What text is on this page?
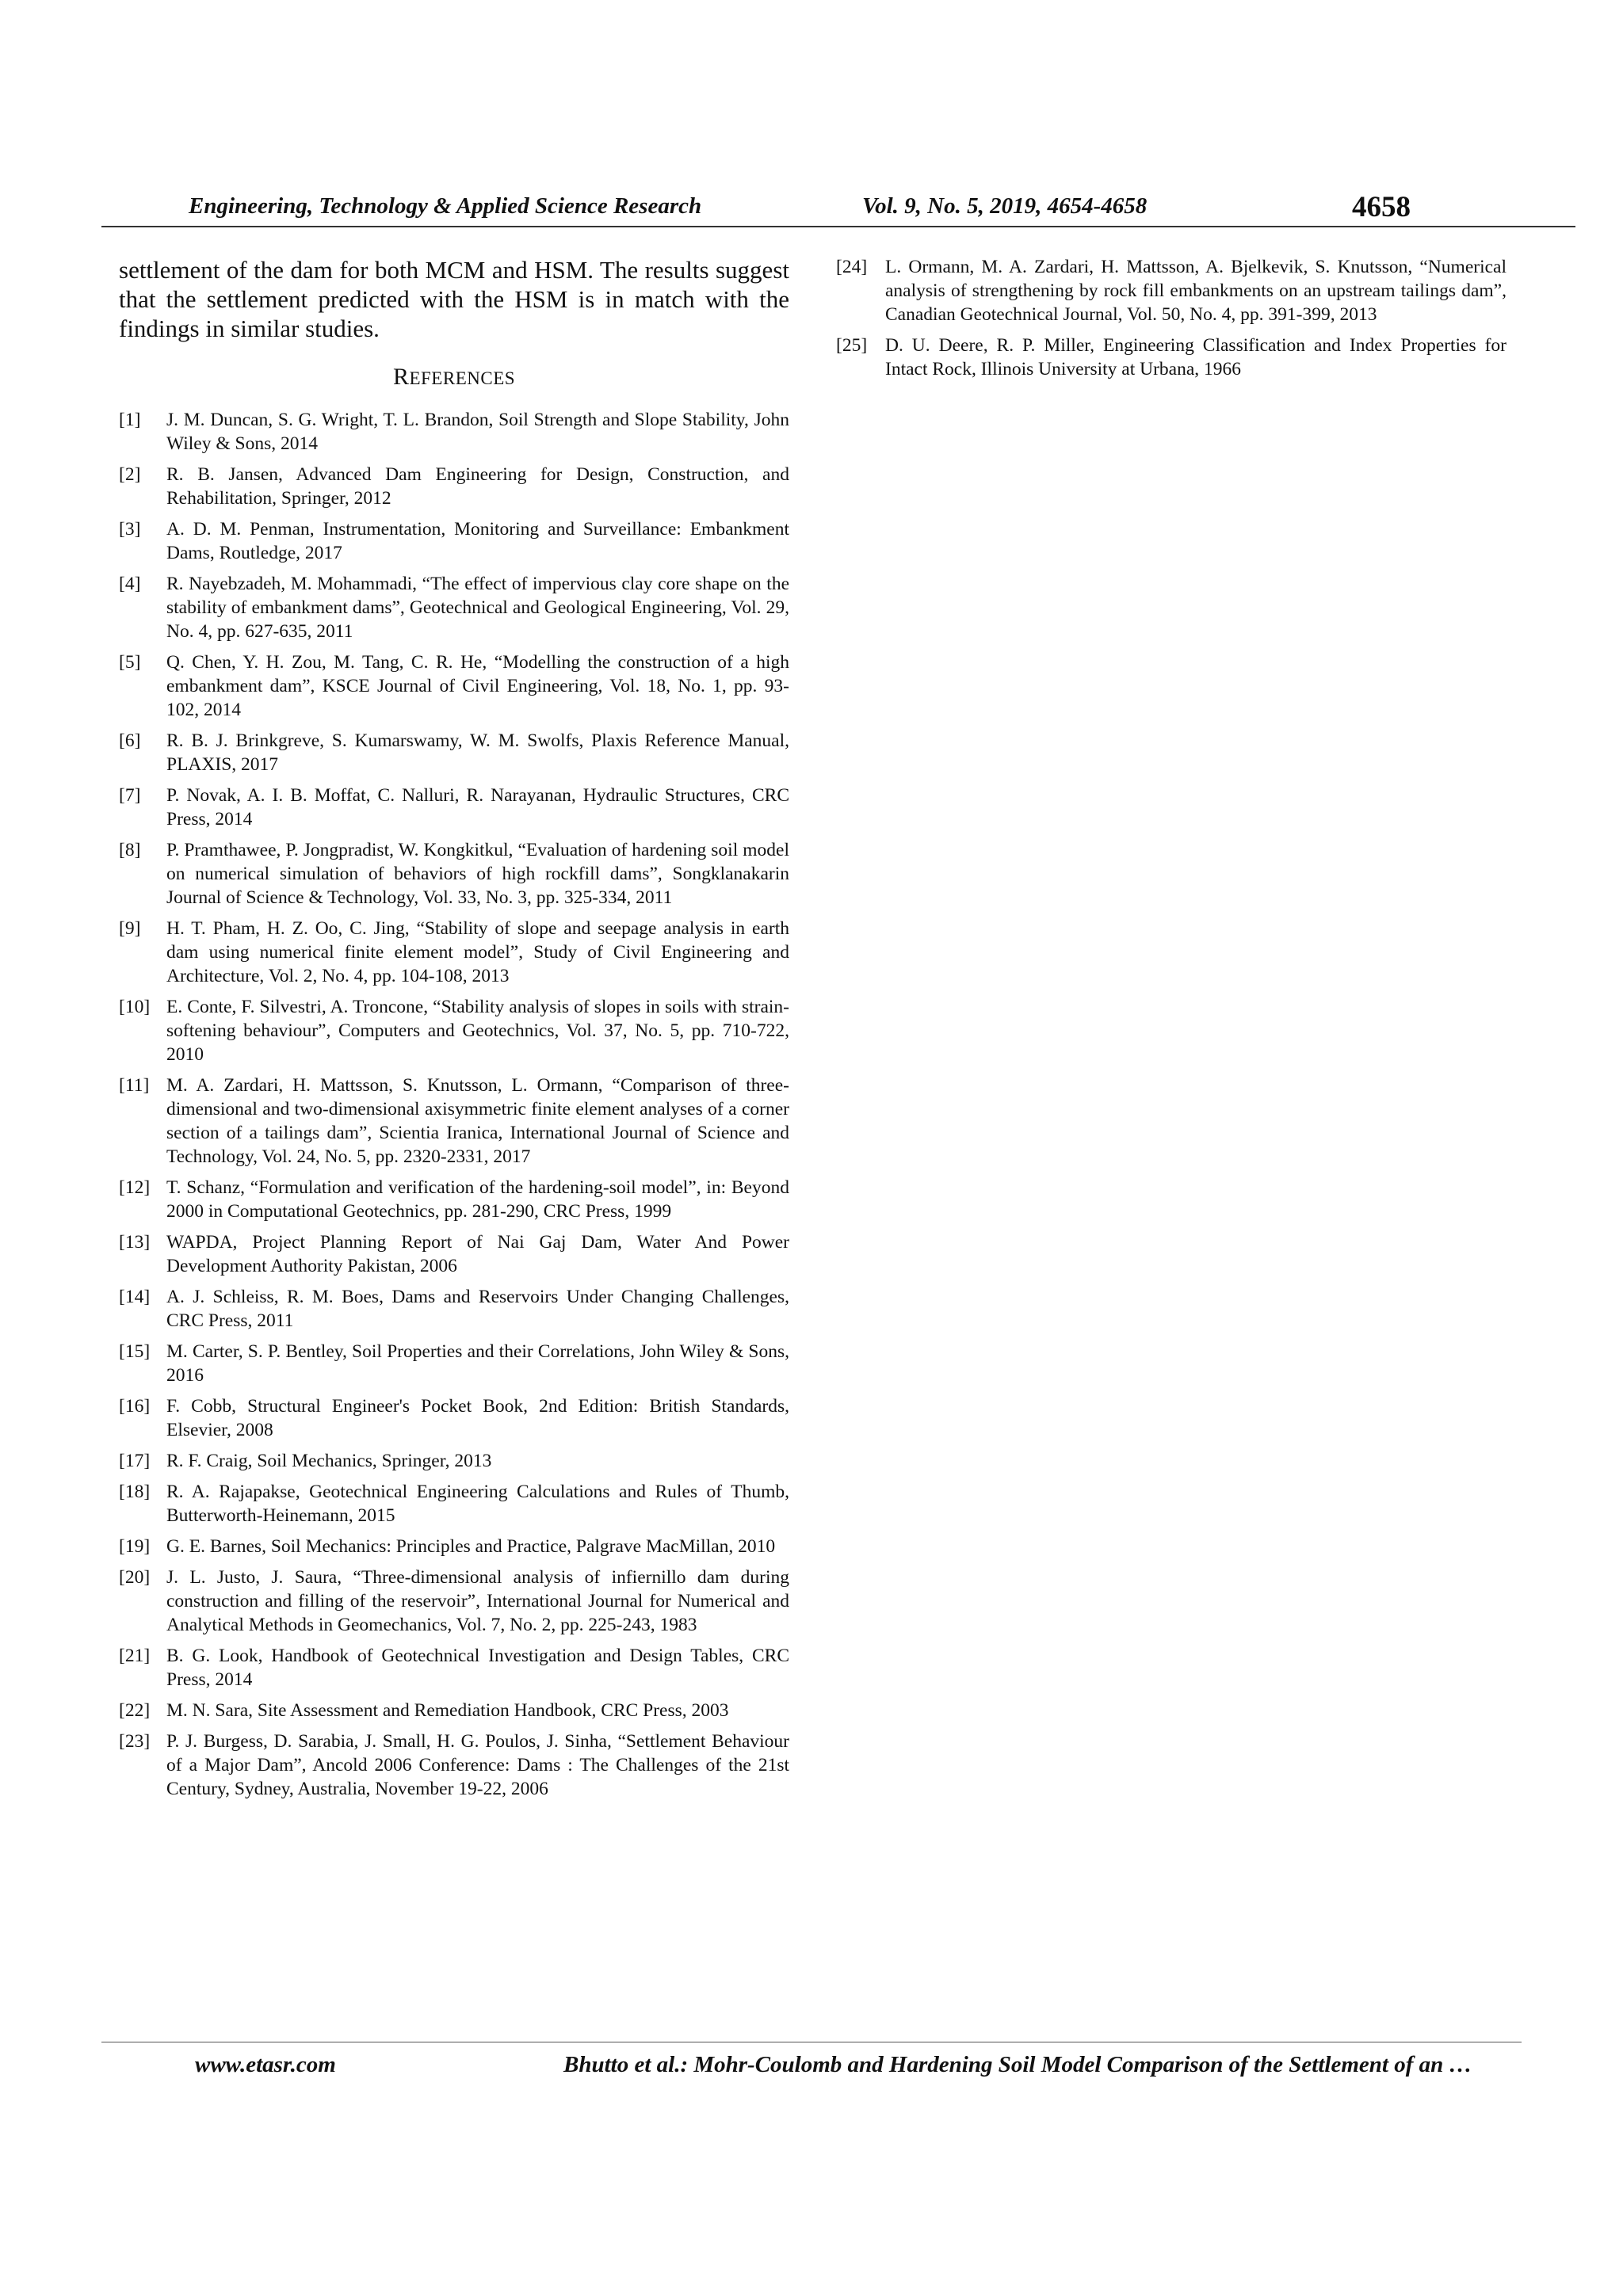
Engineering, Technology & Applied Science Research	Vol. 9, No. 5, 2019, 4654-4658	4658

settlement of the dam for both MCM and HSM. The results suggest that the settlement predicted with the HSM is in match with the findings in similar studies.

REFERENCES
[1]	J. M. Duncan, S. G. Wright, T. L. Brandon, Soil Strength and Slope Stability, John Wiley & Sons, 2014
[2]	R. B. Jansen, Advanced Dam Engineering for Design, Construction, and Rehabilitation, Springer, 2012
[3]	A. D. M. Penman, Instrumentation, Monitoring and Surveillance: Embankment Dams, Routledge, 2017
[4]	R. Nayebzadeh, M. Mohammadi, “The effect of impervious clay core shape on the stability of embankment dams”, Geotechnical and Geological Engineering, Vol. 29, No. 4, pp. 627-635, 2011
[5]	Q. Chen, Y. H. Zou, M. Tang, C. R. He, “Modelling the construction of a high embankment dam”, KSCE Journal of Civil Engineering, Vol. 18, No. 1, pp. 93-102, 2014
[6]	R. B. J. Brinkgreve, S. Kumarswamy, W. M. Swolfs, Plaxis Reference Manual, PLAXIS, 2017
[7]	P. Novak, A. I. B. Moffat, C. Nalluri, R. Narayanan, Hydraulic Structures, CRC Press, 2014
[8]	P. Pramthawee, P. Jongpradist, W. Kongkitkul, “Evaluation of hardening soil model on numerical simulation of behaviors of high rockfill dams”, Songklanakarin Journal of Science & Technology, Vol. 33, No. 3, pp. 325-334, 2011
[9]	H. T. Pham, H. Z. Oo, C. Jing, “Stability of slope and seepage analysis in earth dam using numerical finite element model”, Study of Civil Engineering and Architecture, Vol. 2, No. 4, pp. 104-108, 2013
[10] E. Conte, F. Silvestri, A. Troncone, “Stability analysis of slopes in soils with strain-softening behaviour”, Computers and Geotechnics, Vol. 37, No. 5, pp. 710-722, 2010
[11] M. A. Zardari, H. Mattsson, S. Knutsson, L. Ormann, “Comparison of three-dimensional and two-dimensional axisymmetric finite element analyses of a corner section of a tailings dam”, Scientia Iranica, International Journal of Science and Technology, Vol. 24, No. 5, pp. 2320-2331, 2017
[12] T. Schanz, “Formulation and verification of the hardening-soil model”, in: Beyond 2000 in Computational Geotechnics, pp. 281-290, CRC Press, 1999
[13] WAPDA, Project Planning Report of Nai Gaj Dam, Water And Power Development Authority Pakistan, 2006
[14] A. J. Schleiss, R. M. Boes, Dams and Reservoirs Under Changing Challenges, CRC Press, 2011
[15] M. Carter, S. P. Bentley, Soil Properties and their Correlations, John Wiley & Sons, 2016
[16] F. Cobb, Structural Engineer's Pocket Book, 2nd Edition: British Standards, Elsevier, 2008
[17] R. F. Craig, Soil Mechanics, Springer, 2013
[18] R. A. Rajapakse, Geotechnical Engineering Calculations and Rules of Thumb, Butterworth-Heinemann, 2015
[19] G. E. Barnes, Soil Mechanics: Principles and Practice, Palgrave MacMillan, 2010
[20] J. L. Justo, J. Saura, “Three-dimensional analysis of infiernillo dam during construction and filling of the reservoir”, International Journal for Numerical and Analytical Methods in Geomechanics, Vol. 7, No. 2, pp. 225-243, 1983
[21] B. G. Look, Handbook of Geotechnical Investigation and Design Tables, CRC Press, 2014
[22] M. N. Sara, Site Assessment and Remediation Handbook, CRC Press, 2003
[23] P. J. Burgess, D. Sarabia, J. Small, H. G. Poulos, J. Sinha, “Settlement Behaviour of a Major Dam”, Ancold 2006 Conference: Dams : The Challenges of the 21st Century, Sydney, Australia, November 19-22, 2006
[24] L. Ormann, M. A. Zardari, H. Mattsson, A. Bjelkevik, S. Knutsson, “Numerical analysis of strengthening by rock fill embankments on an upstream tailings dam”, Canadian Geotechnical Journal, Vol. 50, No. 4, pp. 391-399, 2013
[25] D. U. Deere, R. P. Miller, Engineering Classification and Index Properties for Intact Rock, Illinois University at Urbana, 1966
www.etasr.com	Bhutto et al.: Mohr-Coulomb and Hardening Soil Model Comparison of the Settlement of an …
